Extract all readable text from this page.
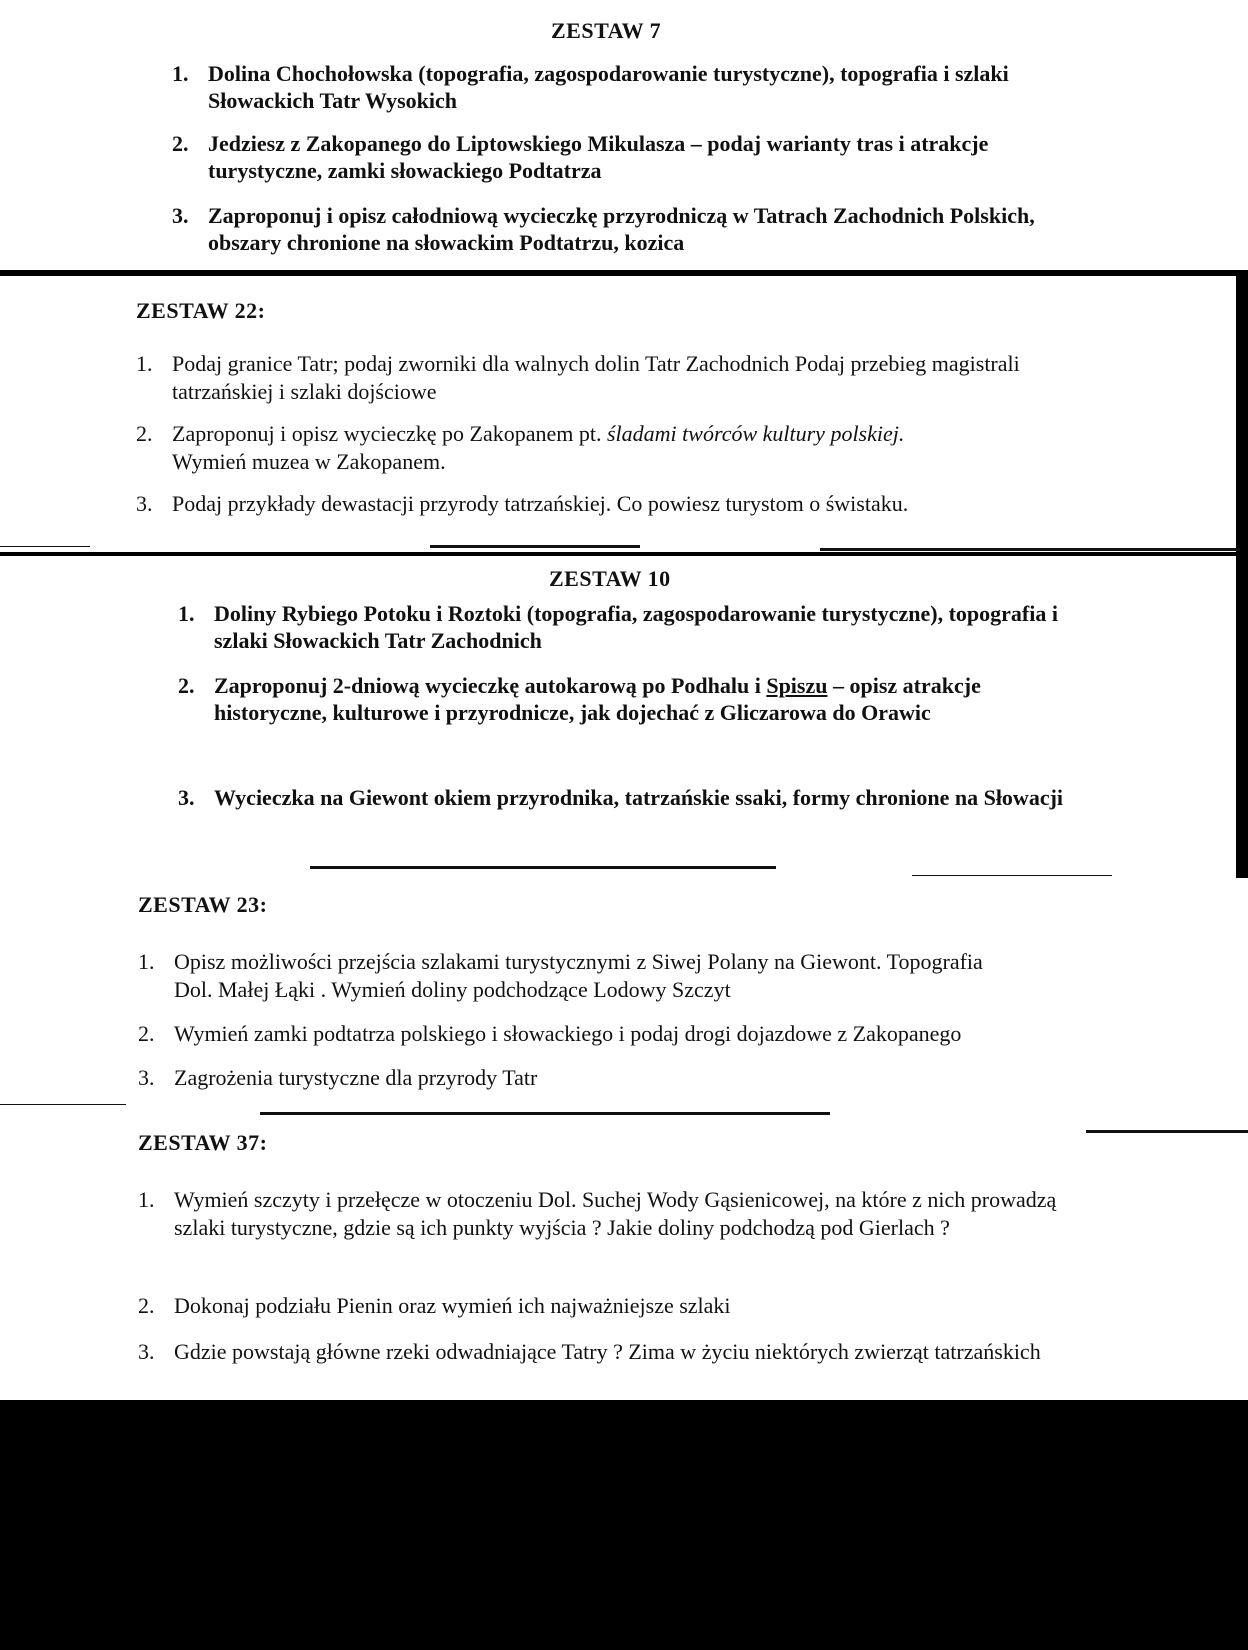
ZESTAW 7
1. Dolina Chochołowska (topografia, zagospodarowanie turystyczne), topografia i szlaki Słowackich Tatr Wysokich
2. Jedziesz z Zakopanego do Liptowskiego Mikulasza – podaj warianty tras i atrakcje turystyczne, zamki słowackiego Podtatrza
3. Zaproponuj i opisz całodniową wycieczkę przyrodniczą w Tatrach Zachodnich Polskich, obszary chronione na słowackim Podtatrzu, kozica
ZESTAW 22:
1. Podaj granice Tatr; podaj zworniki dla walnych dolin Tatr Zachodnich Podaj przebieg magistrali tatrzańskiej i szlaki dojściowe
2. Zaproponuj i opisz wycieczkę po Zakopanem pt. śladami twórców kultury polskiej.
Wymień muzea w Zakopanem.
3. Podaj przykłady dewastacji przyrody tatrzańskiej. Co powiesz turystom o świstaku.
ZESTAW 10
1. Doliny Rybiego Potoku i Roztoki (topografia, zagospodarowanie turystyczne), topografia i szlaki Słowackich Tatr Zachodnich
2. Zaproponuj 2-dniową wycieczkę autokarową po Podhalu i Spiszu – opisz atrakcje historyczne, kulturowe i przyrodnicze, jak dojechać z Gliczarowa do Orawic
3. Wycieczka na Giewont okiem przyrodnika, tatrzańskie ssaki, formy chronione na Słowacji
ZESTAW 23:
1. Opisz możliwości przejścia szlakami turystycznymi z Siwej Polany na Giewont. Topografia Dol. Małej Łąki . Wymień doliny podchodzące Lodowy Szczyt
2. Wymień zamki podtatrza polskiego i słowackiego i podaj drogi dojazdowe z Zakopanego
3. Zagrożenia turystyczne dla przyrody Tatr
ZESTAW 37:
1. Wymień szczyty i przełęcze w otoczeniu Dol. Suchej Wody Gąsienicowej, na które z nich prowadzą szlaki turystyczne, gdzie są ich punkty wyjścia ? Jakie doliny podchodzą pod Gierlach ?
2. Dokonaj podziału Pienin oraz wymień ich najważniejsze szlaki
3. Gdzie powstają główne rzeki odwadniające Tatry ? Zima w życiu niektórych zwierząt tatrzańskich
